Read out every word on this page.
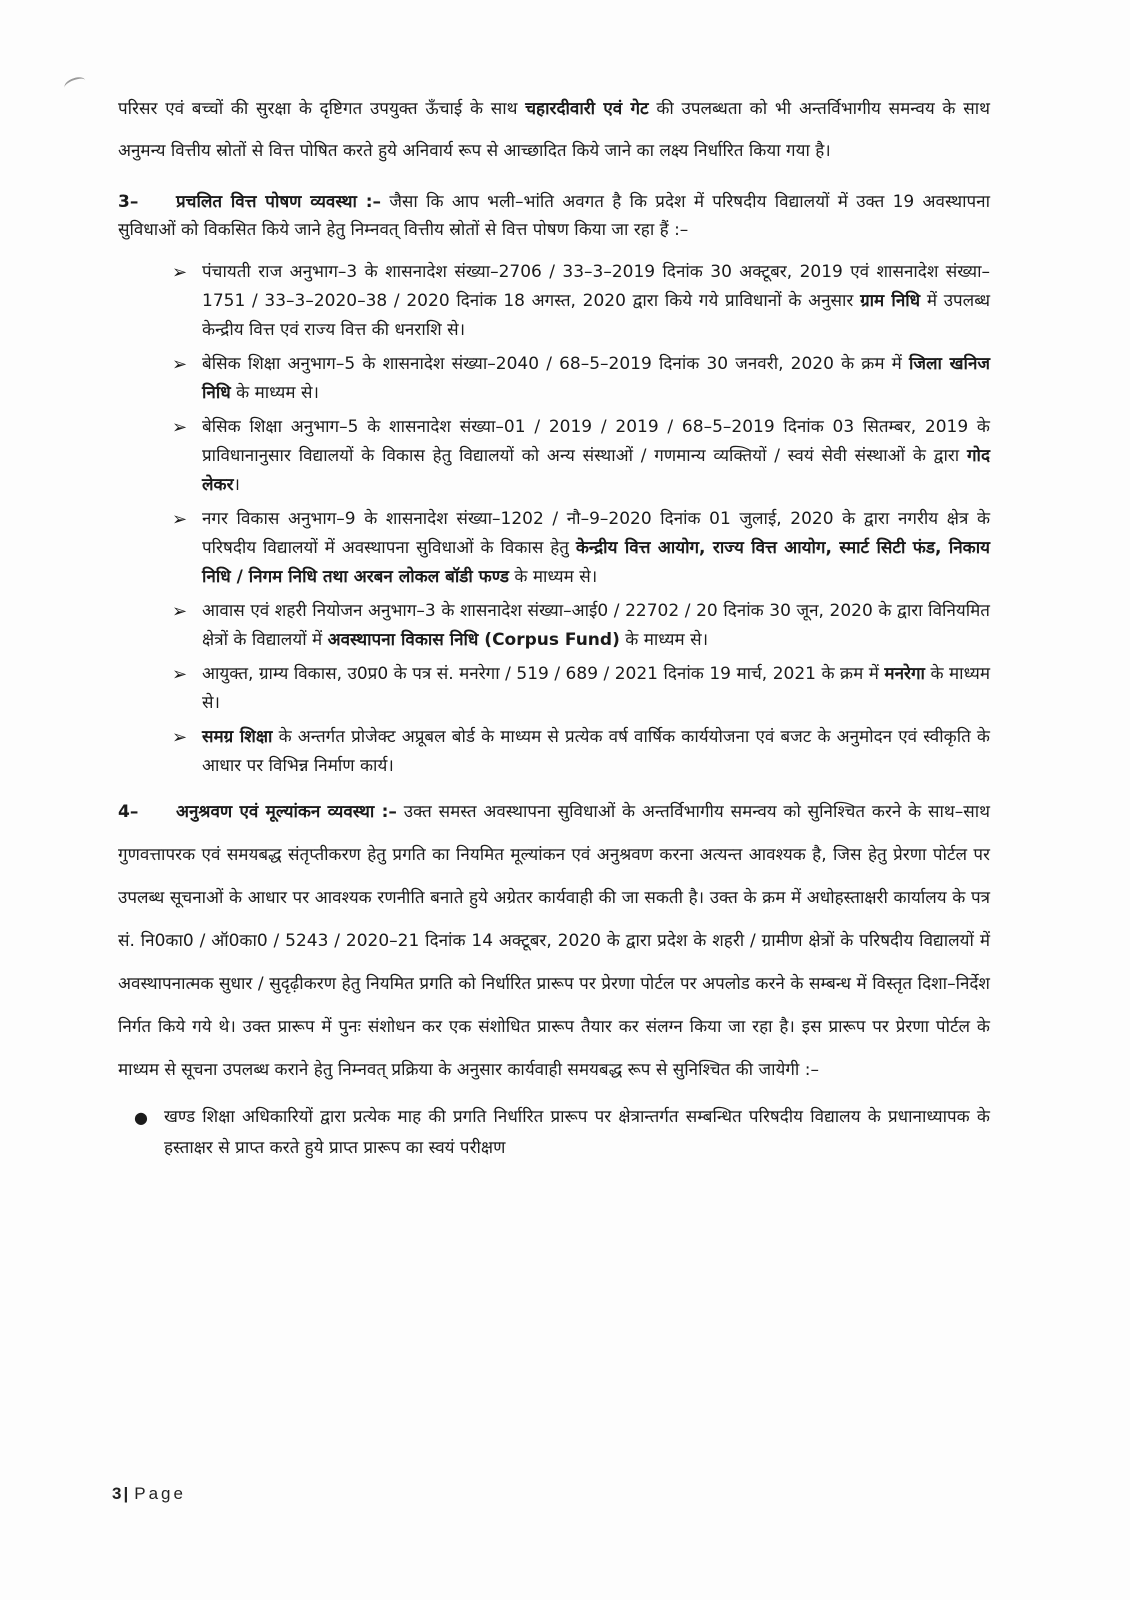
परिसर एवं बच्चों की सुरक्षा के दृष्टिगत उपयुक्त ऊँचाई के साथ चहारदीवारी एवं गेट की उपलब्धता को भी अन्तर्विभागीय समन्वय के साथ अनुमन्य वित्तीय स्रोतों से वित्त पोषित करते हुये अनिवार्य रूप से आच्छादित किये जाने का लक्ष्य निर्धारित किया गया है।

3– प्रचलित वित्त पोषण व्यवस्था :– जैसा कि आप भली–भांति अवगत है कि प्रदेश में परिषदीय विद्यालयों में उक्त 19 अवस्थापना सुविधाओं को विकसित किये जाने हेतु निम्नवत् वित्तीय स्रोतों से वित्त पोषण किया जा रहा हैं :–

➢ पंचायती राज अनुभाग–3 के शासनादेश संख्या–2706 / 33–3–2019 दिनांक 30 अक्टूबर, 2019 एवं शासनादेश संख्या–1751 / 33–3–2020–38 / 2020 दिनांक 18 अगस्त, 2020 द्वारा किये गये प्राविधानों के अनुसार ग्राम निधि में उपलब्ध केन्द्रीय वित्त एवं राज्य वित्त की धनराशि से।
➢ बेसिक शिक्षा अनुभाग–5 के शासनादेश संख्या–2040 / 68–5–2019 दिनांक 30 जनवरी, 2020 के क्रम में जिला खनिज निधि के माध्यम से।
➢ बेसिक शिक्षा अनुभाग–5 के शासनादेश संख्या–01 / 2019 / 2019 / 68–5–2019 दिनांक 03 सितम्बर, 2019 के प्राविधानानुसार विद्यालयों के विकास हेतु विद्यालयों को अन्य संस्थाओं / गणमान्य व्यक्तियों / स्वयं सेवी संस्थाओं के द्वारा गोद लेकर।
➢ नगर विकास अनुभाग–9 के शासनादेश संख्या–1202 / नौ–9–2020 दिनांक 01 जुलाई, 2020 के द्वारा नगरीय क्षेत्र के परिषदीय विद्यालयों में अवस्थापना सुविधाओं के विकास हेतु केन्द्रीय वित्त आयोग, राज्य वित्त आयोग, स्मार्ट सिटी फंड, निकाय निधि / निगम निधि तथा अरबन लोकल बॉडी फण्ड के माध्यम से।
➢ आवास एवं शहरी नियोजन अनुभाग–3 के शासनादेश संख्या–आई0 / 22702 / 20 दिनांक 30 जून, 2020 के द्वारा विनियमित क्षेत्रों के विद्यालयों में अवस्थापना विकास निधि (Corpus Fund) के माध्यम से।
➢ आयुक्त, ग्राम्य विकास, उ0प्र0 के पत्र सं. मनरेगा / 519 / 689 / 2021 दिनांक 19 मार्च, 2021 के क्रम में मनरेगा के माध्यम से।
➢ समग्र शिक्षा के अन्तर्गत प्रोजेक्ट अप्रूबल बोर्ड के माध्यम से प्रत्येक वर्ष वार्षिक कार्ययोजना एवं बजट के अनुमोदन एवं स्वीकृति के आधार पर विभिन्न निर्माण कार्य।

4– अनुश्रवण एवं मूल्यांकन व्यवस्था :– उक्त समस्त अवस्थापना सुविधाओं के अन्तर्विभागीय समन्वय को सुनिश्चित करने के साथ–साथ गुणवत्तापरक एवं समयबद्ध संतृप्तीकरण हेतु प्रगति का नियमित मूल्यांकन एवं अनुश्रवण करना अत्यन्त आवश्यक है, जिस हेतु प्रेरणा पोर्टल पर उपलब्ध सूचनाओं के आधार पर आवश्यक रणनीति बनाते हुये अग्रेतर कार्यवाही की जा सकती है। उक्त के क्रम में अधोहस्ताक्षरी कार्यालय के पत्र सं. नि0का0 / ऑ0का0 / 5243 / 2020–21 दिनांक 14 अक्टूबर, 2020 के द्वारा प्रदेश के शहरी / ग्रामीण क्षेत्रों के परिषदीय विद्यालयों में अवस्थापनात्मक सुधार / सुदृढ़ीकरण हेतु नियमित प्रगति को निर्धारित प्रारूप पर प्रेरणा पोर्टल पर अपलोड करने के सम्बन्ध में विस्तृत दिशा–निर्देश निर्गत किये गये थे। उक्त प्रारूप में पुनः संशोधन कर एक संशोधित प्रारूप तैयार कर संलग्न किया जा रहा है। इस प्रारूप पर प्रेरणा पोर्टल के माध्यम से सूचना उपलब्ध कराने हेतु निम्नवत् प्रक्रिया के अनुसार कार्यवाही समयबद्ध रूप से सुनिश्चित की जायेगी :–

● खण्ड शिक्षा अधिकारियों द्वारा प्रत्येक माह की प्रगति निर्धारित प्रारूप पर क्षेत्रान्तर्गत सम्बन्धित परिषदीय विद्यालय के प्रधानाध्यापक के हस्ताक्षर से प्राप्त करते हुये प्राप्त प्रारूप का स्वयं परीक्षण
3 | Page
